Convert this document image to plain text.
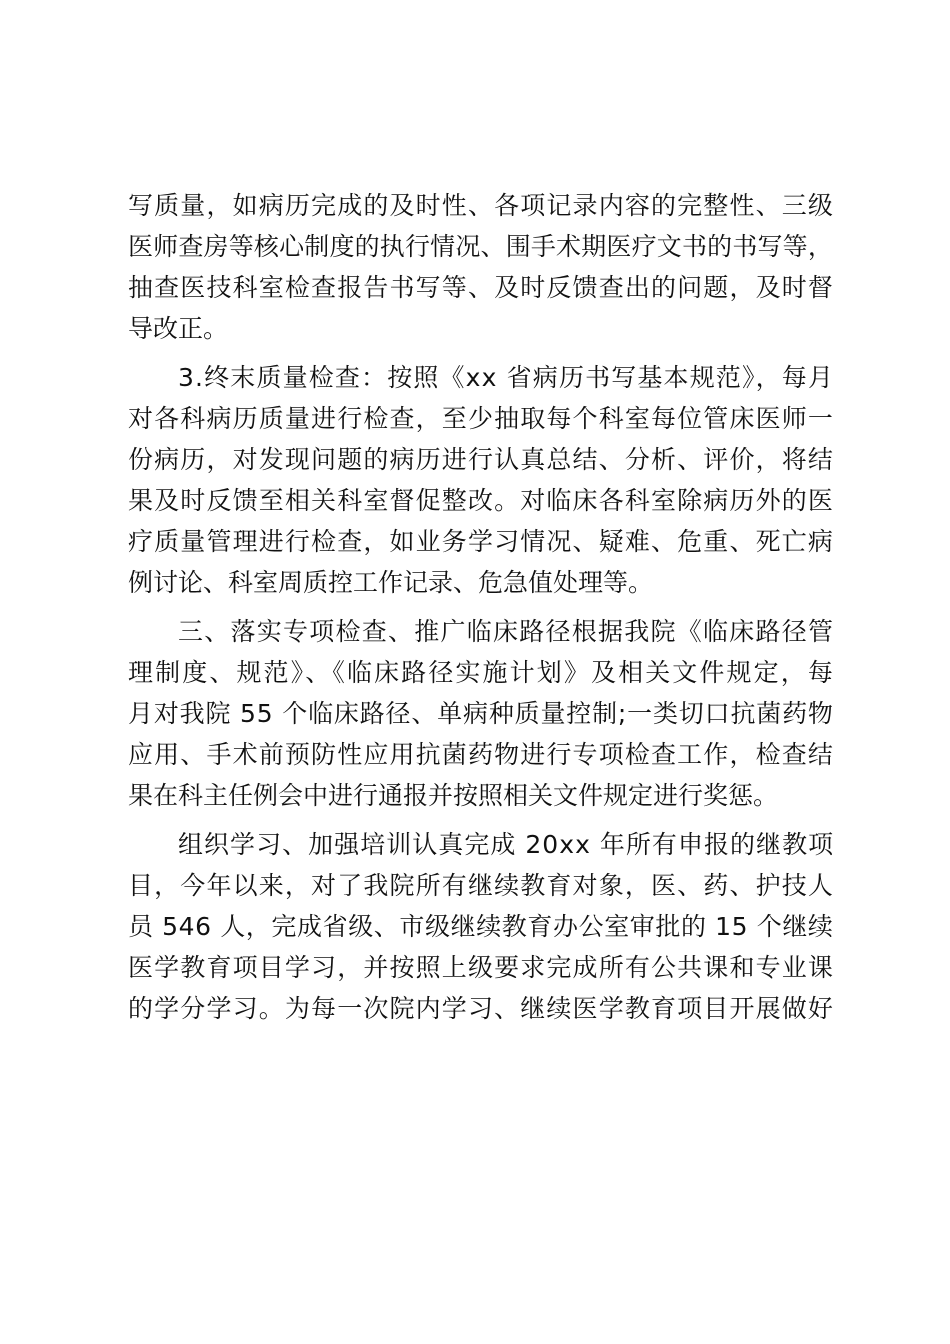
写质量，如病历完成的及时性、各项记录内容的完整性、三级
医师查房等核心制度的执行情况、围手术期医疗文书的书写等，
抽查医技科室检查报告书写等、及时反馈查出的问题，及时督
导改正。
3.终末质量检查：按照《xx 省病历书写基本规范》，每月
对各科病历质量进行检查，至少抽取每个科室每位管床医师一
份病历，对发现问题的病历进行认真总结、分析、评价，将结
果及时反馈至相关科室督促整改。对临床各科室除病历外的医
疗质量管理进行检查，如业务学习情况、疑难、危重、死亡病
例讨论、科室周质控工作记录、危急值处理等。
三、落实专项检查、推广临床路径根据我院《临床路径管
理制度、规范》、《临床路径实施计划》及相关文件规定，每
月对我院 55 个临床路径、单病种质量控制;一类切口抗菌药物
应用、手术前预防性应用抗菌药物进行专项检查工作，检查结
果在科主任例会中进行通报并按照相关文件规定进行奖惩。
组织学习、加强培训认真完成 20xx 年所有申报的继教项
目，今年以来，对了我院所有继续教育对象，医、药、护技人
员 546 人，完成省级、市级继续教育办公室审批的 15 个继续
医学教育项目学习，并按照上级要求完成所有公共课和专业课
的学分学习。为每一次院内学习、继续医学教育项目开展做好
